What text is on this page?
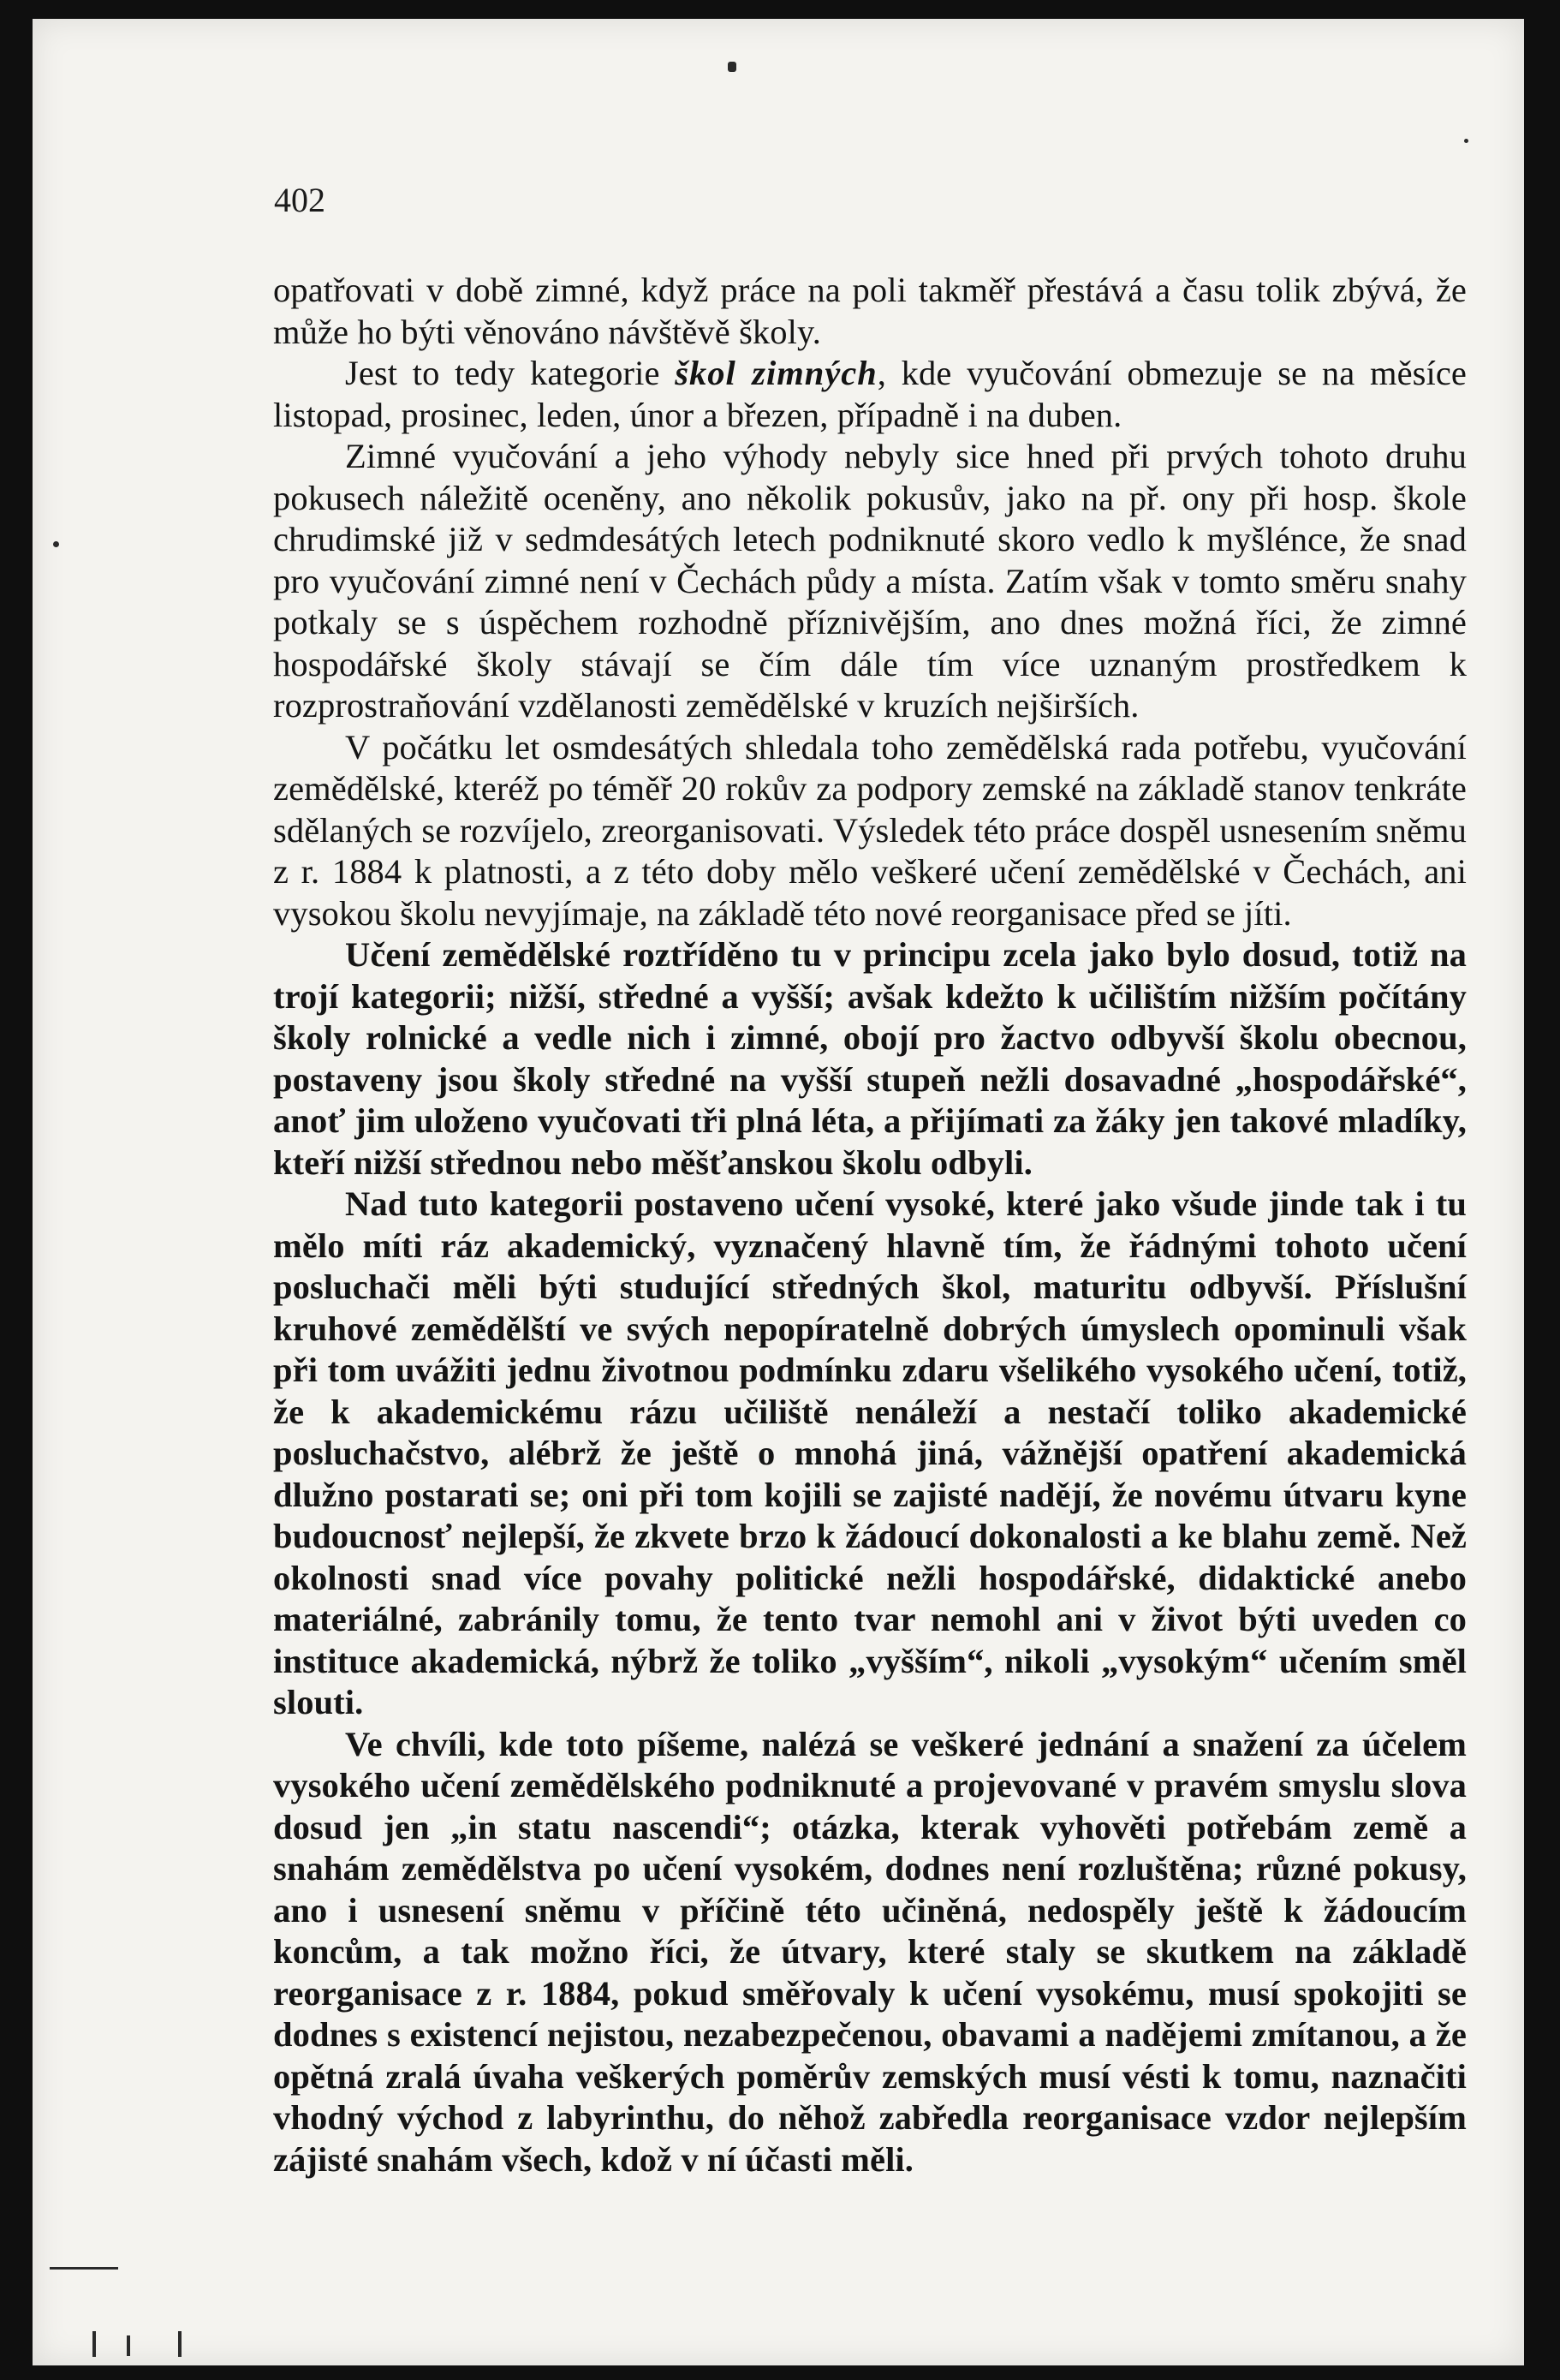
402

opatřovati v době zimné, když práce na poli takměř přestává a času tolik zbývá, že může ho býti věnováno návštěvě školy.

Jest to tedy kategorie škol zimných, kde vyučování obmezuje se na měsíce listopad, prosinec, leden, únor a březen, případně i na duben.

Zimné vyučování a jeho výhody nebyly sice hned při prvých tohoto druhu pokusech náležitě oceněny, ano několik pokusův, jako na př. ony při hosp. škole chrudimské již v sedmdesátých letech podniknuté skoro vedlo k myšlénce, že snad pro vyučování zimné není v Čechách půdy a místa. Zatím však v tomto směru snahy potkaly se s úspěchem rozhodně příznivějším, ano dnes možná říci, že zimné hospodářské školy stávají se čím dále tím více uznaným prostředkem k rozprostraňování vzdělanosti zemědělské v kruzích nejširších.

V počátku let osmdesátých shledala toho zemědělská rada potřebu, vyučování zemědělské, kteréž po téměř 20 rokův za podpory zemské na základě stanov tenkráte sdělaných se rozvíjelo, zreorganisovati. Výsledek této práce dospěl usnesením sněmu z r. 1884 k platnosti, a z této doby mělo veškeré učení zemědělské v Čechách, ani vysokou školu nevyjímaje, na základě této nové reorganisace před se jíti.

Učení zemědělské roztříděno tu v principu zcela jako bylo dosud, totiž na trojí kategorii; nižší, středné a vyšší; avšak kdežto k učilištím nižším počítány školy rolnické a vedle nich i zimné, obojí pro žactvo odbyvší školu obecnou, postaveny jsou školy středné na vyšší stupeň nežli dosavadné „hospodářské“, anoť jim uloženo vyučovati tři plná léta, a přijímati za žáky jen takové mladíky, kteří nižší střednou nebo měšťanskou školu odbyli.

Nad tuto kategorii postaveno učení vysoké, které jako všude jinde tak i tu mělo míti ráz akademický, vyznačený hlavně tím, že řádnými tohoto učení posluchači měli býti studující středných škol, maturitu odbyvší. Příslušní kruhové zemědělští ve svých nepopíratelně dobrých úmyslech opominuli však při tom uvážiti jednu životnou podmínku zdaru všelikého vysokého učení, totiž, že k akademickému rázu učiliště nenáleží a nestačí toliko akademické posluchačstvo, alébrž že ještě o mnohá jiná, vážnější opatření akademická dlužno postarati se; oni při tom kojili se zajisté nadějí, že novému útvaru kyne budoucnosť nejlepší, že zkvete brzo k žádoucí dokonalosti a ke blahu země. Než okolnosti snad více povahy politické nežli hospodářské, didaktické anebo materiálné, zabránily tomu, že tento tvar nemohl ani v život býti uveden co instituce akademická, nýbrž že toliko „vyšším“, nikoli „vysokým“ učením směl slouti.

Ve chvíli, kde toto píšeme, nalézá se veškeré jednání a snažení za účelem vysokého učení zemědělského podniknuté a projevované v pravém smyslu slova dosud jen „in statu nascendi“; otázka, kterak vyhověti potřebám země a snahám zemědělstva po učení vysokém, dodnes není rozluštěna; různé pokusy, ano i usnesení sněmu v příčině této učiněná, nedospěly ještě k žádoucím koncům, a tak možno říci, že útvary, které staly se skutkem na základě reorganisace z r. 1884, pokud směřovaly k učení vysokému, musí spokojiti se dodnes s existencí nejistou, nezabezpečenou, obavami a nadějemi zmítanou, a že opětná zralá úvaha veškerých poměrův zemských musí vésti k tomu, naznačiti vhodný východ z labyrinthu, do něhož zabředla reorganisace vzdor nejlepším zájisté snahám všech, kdož v ní účasti měli.
